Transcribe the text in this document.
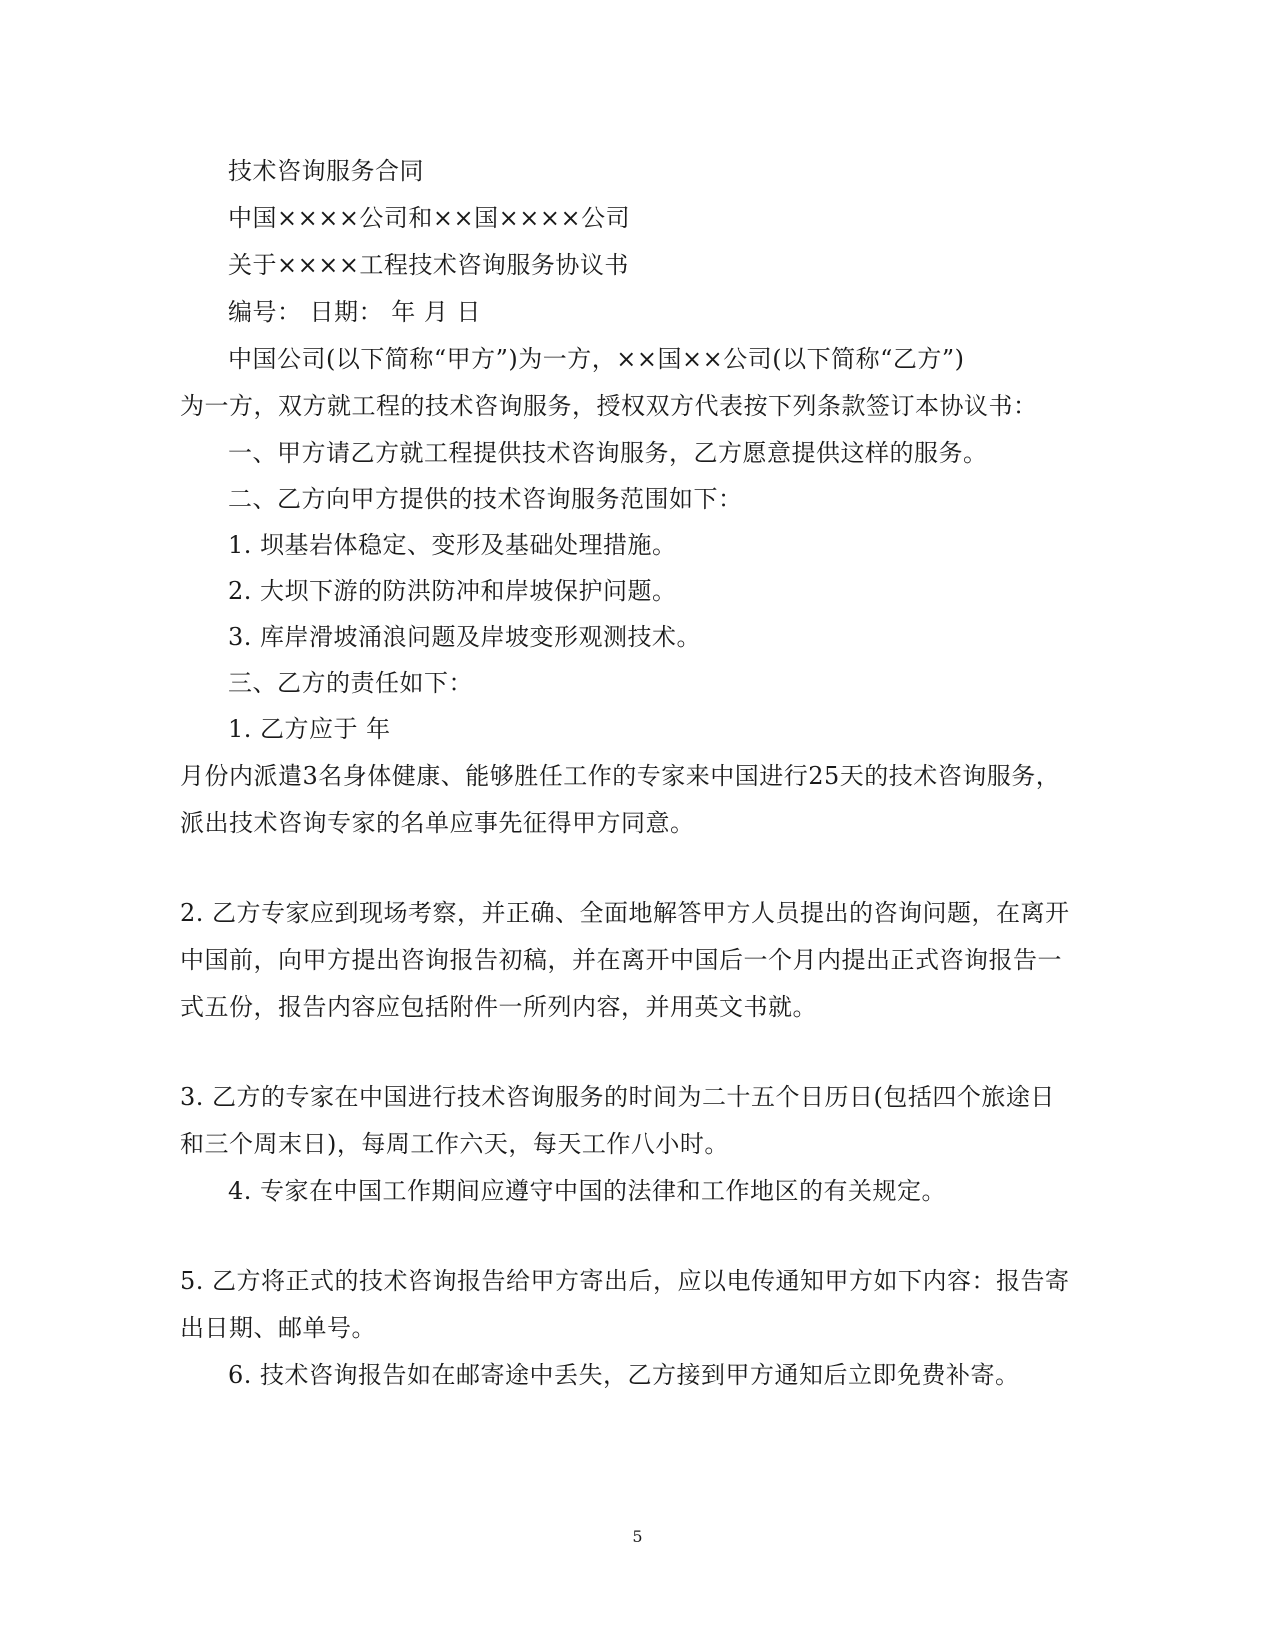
技术咨询服务合同
中国××××公司和××国××××公司
关于××××工程技术咨询服务协议书
编号： 日期： 年 月 日
中国公司(以下简称“甲方”)为一方，××国××公司(以下简称“乙方”)
为一方，双方就工程的技术咨询服务，授权双方代表按下列条款签订本协议书：
一、甲方请乙方就工程提供技术咨询服务，乙方愿意提供这样的服务。
二、乙方向甲方提供的技术咨询服务范围如下：
1. 坝基岩体稳定、变形及基础处理措施。
2. 大坝下游的防洪防冲和岸坡保护问题。
3. 库岸滑坡涌浪问题及岸坡变形观测技术。
三、乙方的责任如下：
1. 乙方应于 年
月份内派遣3名身体健康、能够胜任工作的专家来中国进行25天的技术咨询服务，
派出技术咨询专家的名单应事先征得甲方同意。
2. 乙方专家应到现场考察，并正确、全面地解答甲方人员提出的咨询问题，在离开
中国前，向甲方提出咨询报告初稿，并在离开中国后一个月内提出正式咨询报告一
式五份，报告内容应包括附件一所列内容，并用英文书就。
3. 乙方的专家在中国进行技术咨询服务的时间为二十五个日历日(包括四个旅途日
和三个周末日)，每周工作六天，每天工作八小时。
4. 专家在中国工作期间应遵守中国的法律和工作地区的有关规定。
5. 乙方将正式的技术咨询报告给甲方寄出后，应以电传通知甲方如下内容：报告寄
出日期、邮单号。
6. 技术咨询报告如在邮寄途中丢失，乙方接到甲方通知后立即免费补寄。
5
